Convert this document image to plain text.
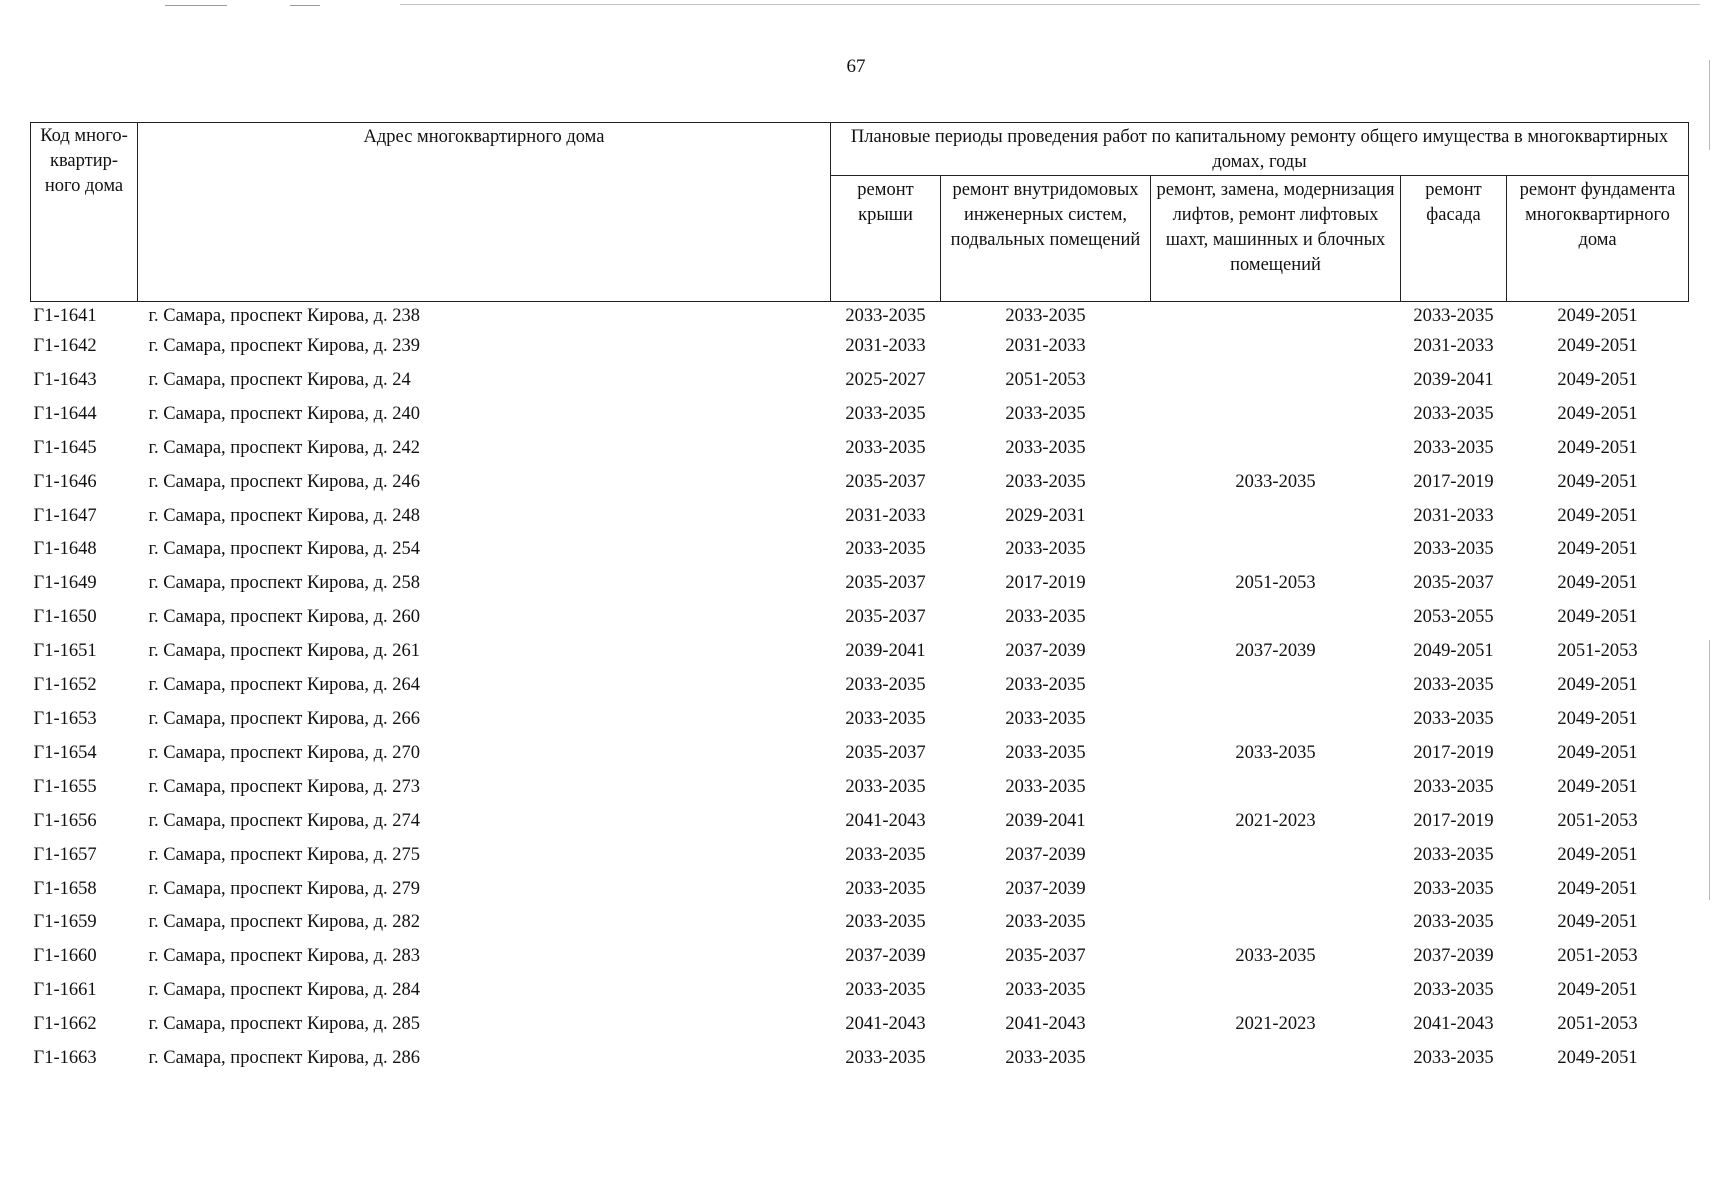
67
Код много-квартир-ного дома	Адрес многоквартирного дома	Плановые периоды проведения работ по капитальному ремонту общего имущества в многоквартирных домах, годы				
		ремонт крыши	ремонт внутридомовых инженерных систем, подвальных помещений	ремонт, замена, модернизация лифтов, ремонт лифтовых шахт, машинных и блочных помещений	ремонт фасада	ремонт фундамента многоквартирного дома
Г1-1641	г. Самара, проспект Кирова, д. 238	2033-2035	2033-2035		2033-2035	2049-2051
Г1-1642	г. Самара, проспект Кирова, д. 239	2031-2033	2031-2033		2031-2033	2049-2051
Г1-1643	г. Самара, проспект Кирова, д. 24	2025-2027	2051-2053		2039-2041	2049-2051
Г1-1644	г. Самара, проспект Кирова, д. 240	2033-2035	2033-2035		2033-2035	2049-2051
Г1-1645	г. Самара, проспект Кирова, д. 242	2033-2035	2033-2035		2033-2035	2049-2051
Г1-1646	г. Самара, проспект Кирова, д. 246	2035-2037	2033-2035	2033-2035	2017-2019	2049-2051
Г1-1647	г. Самара, проспект Кирова, д. 248	2031-2033	2029-2031		2031-2033	2049-2051
Г1-1648	г. Самара, проспект Кирова, д. 254	2033-2035	2033-2035		2033-2035	2049-2051
Г1-1649	г. Самара, проспект Кирова, д. 258	2035-2037	2017-2019	2051-2053	2035-2037	2049-2051
Г1-1650	г. Самара, проспект Кирова, д. 260	2035-2037	2033-2035		2053-2055	2049-2051
Г1-1651	г. Самара, проспект Кирова, д. 261	2039-2041	2037-2039	2037-2039	2049-2051	2051-2053
Г1-1652	г. Самара, проспект Кирова, д. 264	2033-2035	2033-2035		2033-2035	2049-2051
Г1-1653	г. Самара, проспект Кирова, д. 266	2033-2035	2033-2035		2033-2035	2049-2051
Г1-1654	г. Самара, проспект Кирова, д. 270	2035-2037	2033-2035	2033-2035	2017-2019	2049-2051
Г1-1655	г. Самара, проспект Кирова, д. 273	2033-2035	2033-2035		2033-2035	2049-2051
Г1-1656	г. Самара, проспект Кирова, д. 274	2041-2043	2039-2041	2021-2023	2017-2019	2051-2053
Г1-1657	г. Самара, проспект Кирова, д. 275	2033-2035	2037-2039		2033-2035	2049-2051
Г1-1658	г. Самара, проспект Кирова, д. 279	2033-2035	2037-2039		2033-2035	2049-2051
Г1-1659	г. Самара, проспект Кирова, д. 282	2033-2035	2033-2035		2033-2035	2049-2051
Г1-1660	г. Самара, проспект Кирова, д. 283	2037-2039	2035-2037	2033-2035	2037-2039	2051-2053
Г1-1661	г. Самара, проспект Кирова, д. 284	2033-2035	2033-2035		2033-2035	2049-2051
Г1-1662	г. Самара, проспект Кирова, д. 285	2041-2043	2041-2043	2021-2023	2041-2043	2051-2053
Г1-1663	г. Самара, проспект Кирова, д. 286	2033-2035	2033-2035		2033-2035	2049-2051
